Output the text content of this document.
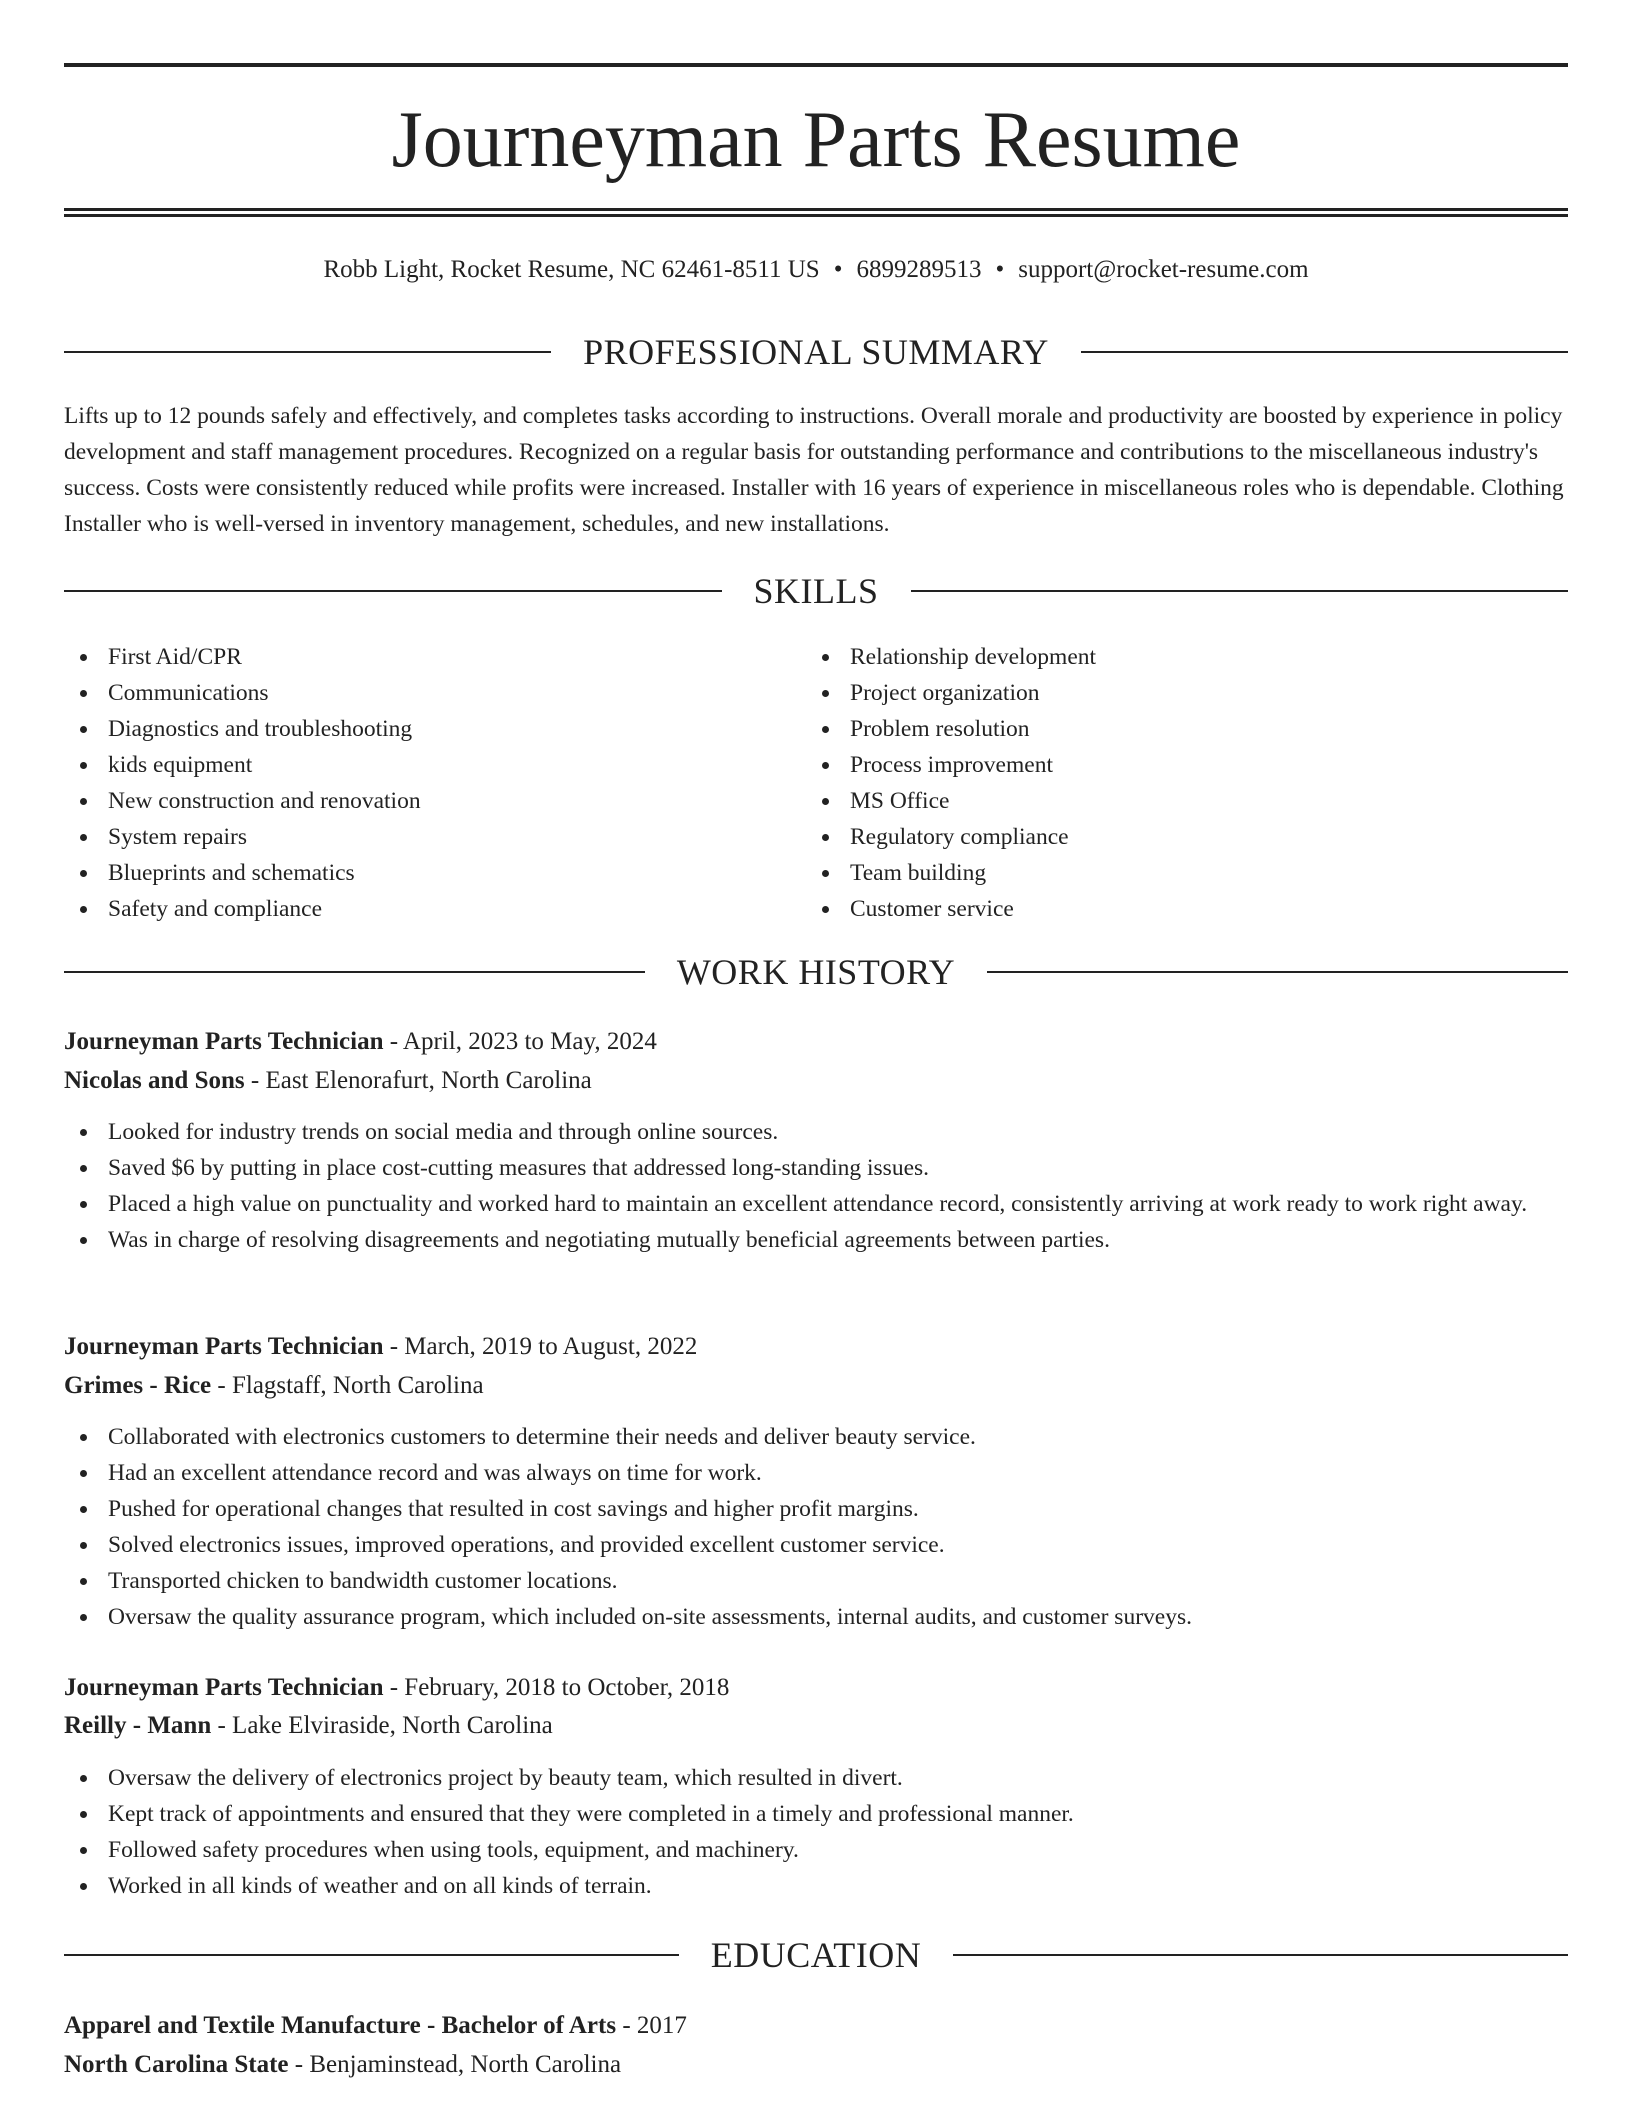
Journeyman Parts Resume
Robb Light, Rocket Resume, NC 62461-8511 US • 6899289513 • support@rocket-resume.com
PROFESSIONAL SUMMARY

Lifts up to 12 pounds safely and effectively, and completes tasks according to instructions. Overall morale and productivity are boosted by experience in policy development and staff management procedures. Recognized on a regular basis for outstanding performance and contributions to the miscellaneous industry's success. Costs were consistently reduced while profits were increased. Installer with 16 years of experience in miscellaneous roles who is dependable. Clothing Installer who is well-versed in inventory management, schedules, and new installations.

SKILLS
First Aid/CPR
Communications
Diagnostics and troubleshooting
kids equipment
New construction and renovation
System repairs
Blueprints and schematics
Safety and compliance
Relationship development
Project organization
Problem resolution
Process improvement
MS Office
Regulatory compliance
Team building
Customer service
WORK HISTORY
Journeyman Parts Technician - April, 2023 to May, 2024
Nicolas and Sons - East Elenorafurt, North Carolina
Looked for industry trends on social media and through online sources.
Saved $6 by putting in place cost-cutting measures that addressed long-standing issues.
Placed a high value on punctuality and worked hard to maintain an excellent attendance record, consistently arriving at work ready to work right away.
Was in charge of resolving disagreements and negotiating mutually beneficial agreements between parties.
Journeyman Parts Technician - March, 2019 to August, 2022
Grimes - Rice - Flagstaff, North Carolina
Collaborated with electronics customers to determine their needs and deliver beauty service.
Had an excellent attendance record and was always on time for work.
Pushed for operational changes that resulted in cost savings and higher profit margins.
Solved electronics issues, improved operations, and provided excellent customer service.
Transported chicken to bandwidth customer locations.
Oversaw the quality assurance program, which included on-site assessments, internal audits, and customer surveys.
Journeyman Parts Technician - February, 2018 to October, 2018
Reilly - Mann - Lake Elviraside, North Carolina
Oversaw the delivery of electronics project by beauty team, which resulted in divert.
Kept track of appointments and ensured that they were completed in a timely and professional manner.
Followed safety procedures when using tools, equipment, and machinery.
Worked in all kinds of weather and on all kinds of terrain.
EDUCATION
Apparel and Textile Manufacture - Bachelor of Arts - 2017
North Carolina State - Benjaminstead, North Carolina
